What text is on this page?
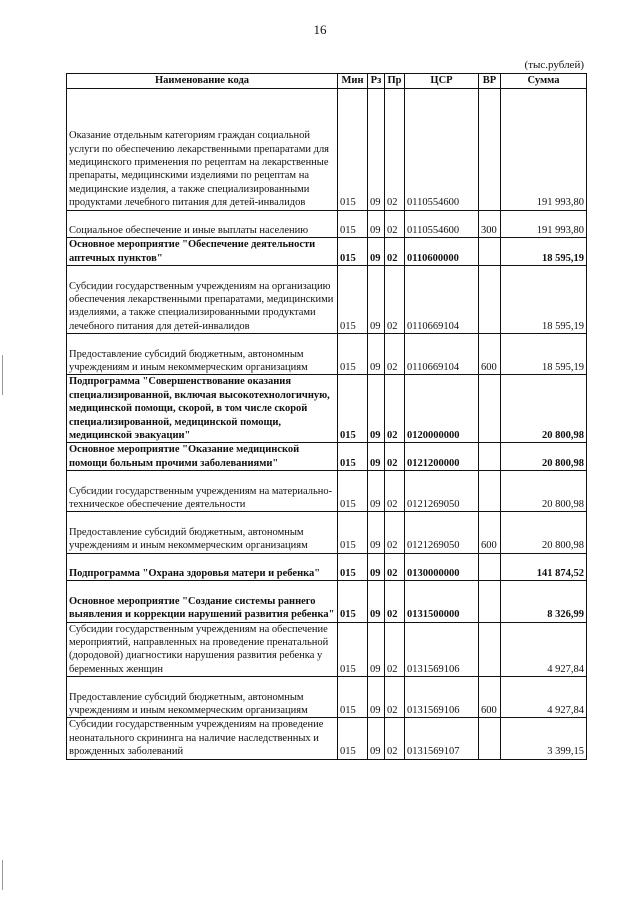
16
(тыс.рублей)
Наименование кода	Мин	Рз	Пр	ЦСР	ВР	Сумма
Оказание отдельным категориям граждан социальной услуги по обеспечению лекарственными препаратами для медицинского применения по рецептам на лекарственные препараты, медицинскими изделиями по рецептам на медицинские изделия, а также специализированными продуктами лечебного питания для детей-инвалидов	015	09	02	0110554600		191 993,80
Социальное обеспечение и иные выплаты населению	015	09	02	0110554600	300	191 993,80
Основное мероприятие "Обеспечение деятельности аптечных пунктов"	015	09	02	0110600000		18 595,19
Субсидии государственным учреждениям на организацию обеспечения лекарственными препаратами, медицинскими изделиями, а также специализированными продуктами лечебного питания для детей-инвалидов	015	09	02	0110669104		18 595,19
Предоставление субсидий бюджетным, автономным учреждениям и иным некоммерческим организациям	015	09	02	0110669104	600	18 595,19
Подпрограмма "Совершенствование оказания специализированной, включая высокотехнологичную, медицинской помощи, скорой, в том числе скорой специализированной, медицинской помощи, медицинской эвакуации"	015	09	02	0120000000		20 800,98
Основное мероприятие "Оказание медицинской помощи больным прочими заболеваниями"	015	09	02	0121200000		20 800,98
Субсидии государственным учреждениям на материально-техническое обеспечение деятельности	015	09	02	0121269050		20 800,98
Предоставление субсидий бюджетным, автономным учреждениям и иным некоммерческим организациям	015	09	02	0121269050	600	20 800,98
Подпрограмма "Охрана здоровья матери и ребенка"	015	09	02	0130000000		141 874,52
Основное мероприятие "Создание системы раннего выявления и коррекции нарушений развития ребенка"	015	09	02	0131500000		8 326,99
Субсидии государственным учреждениям на обеспечение мероприятий, направленных на проведение пренатальной (дородовой) диагностики нарушения развития ребенка у беременных женщин	015	09	02	0131569106		4 927,84
Предоставление субсидий бюджетным, автономным учреждениям и иным некоммерческим организациям	015	09	02	0131569106	600	4 927,84
Субсидии государственным учреждениям на проведение неонатального скрининга на наличие наследственных и врожденных заболеваний	015	09	02	0131569107		3 399,15
